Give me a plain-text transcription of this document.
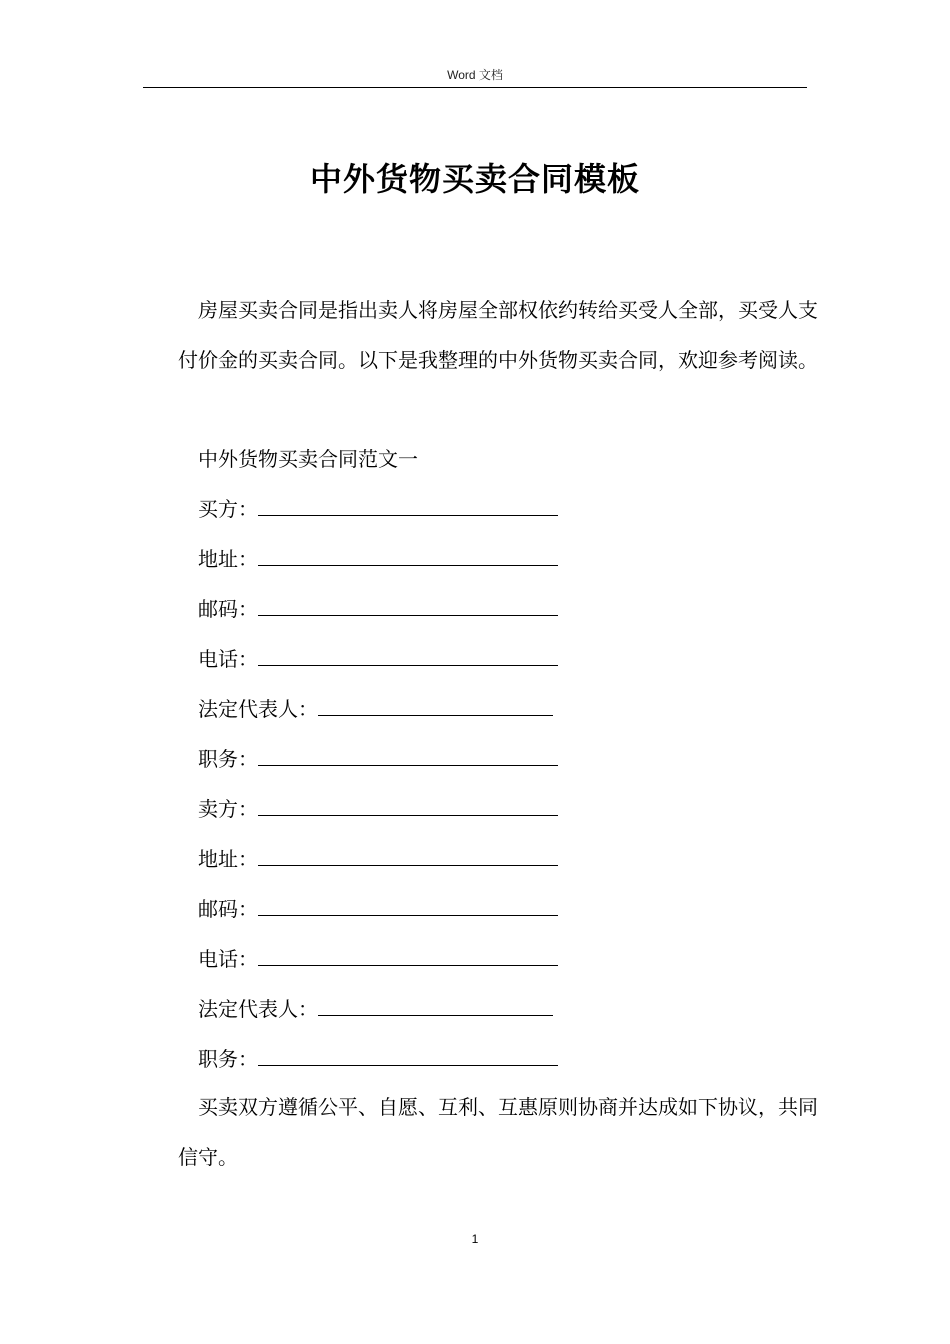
Word 文档
中外货物买卖合同模板
房屋买卖合同是指出卖人将房屋全部权依约转给买受人全部，买受人支付价金的买卖合同。以下是我整理的中外货物买卖合同，欢迎参考阅读。
中外货物买卖合同范文一
买方：
地址：
邮码：
电话：
法定代表人：
职务：
卖方：
地址：
邮码：
电话：
法定代表人：
职务：
买卖双方遵循公平、自愿、互利、互惠原则协商并达成如下协议，共同信守。
1
